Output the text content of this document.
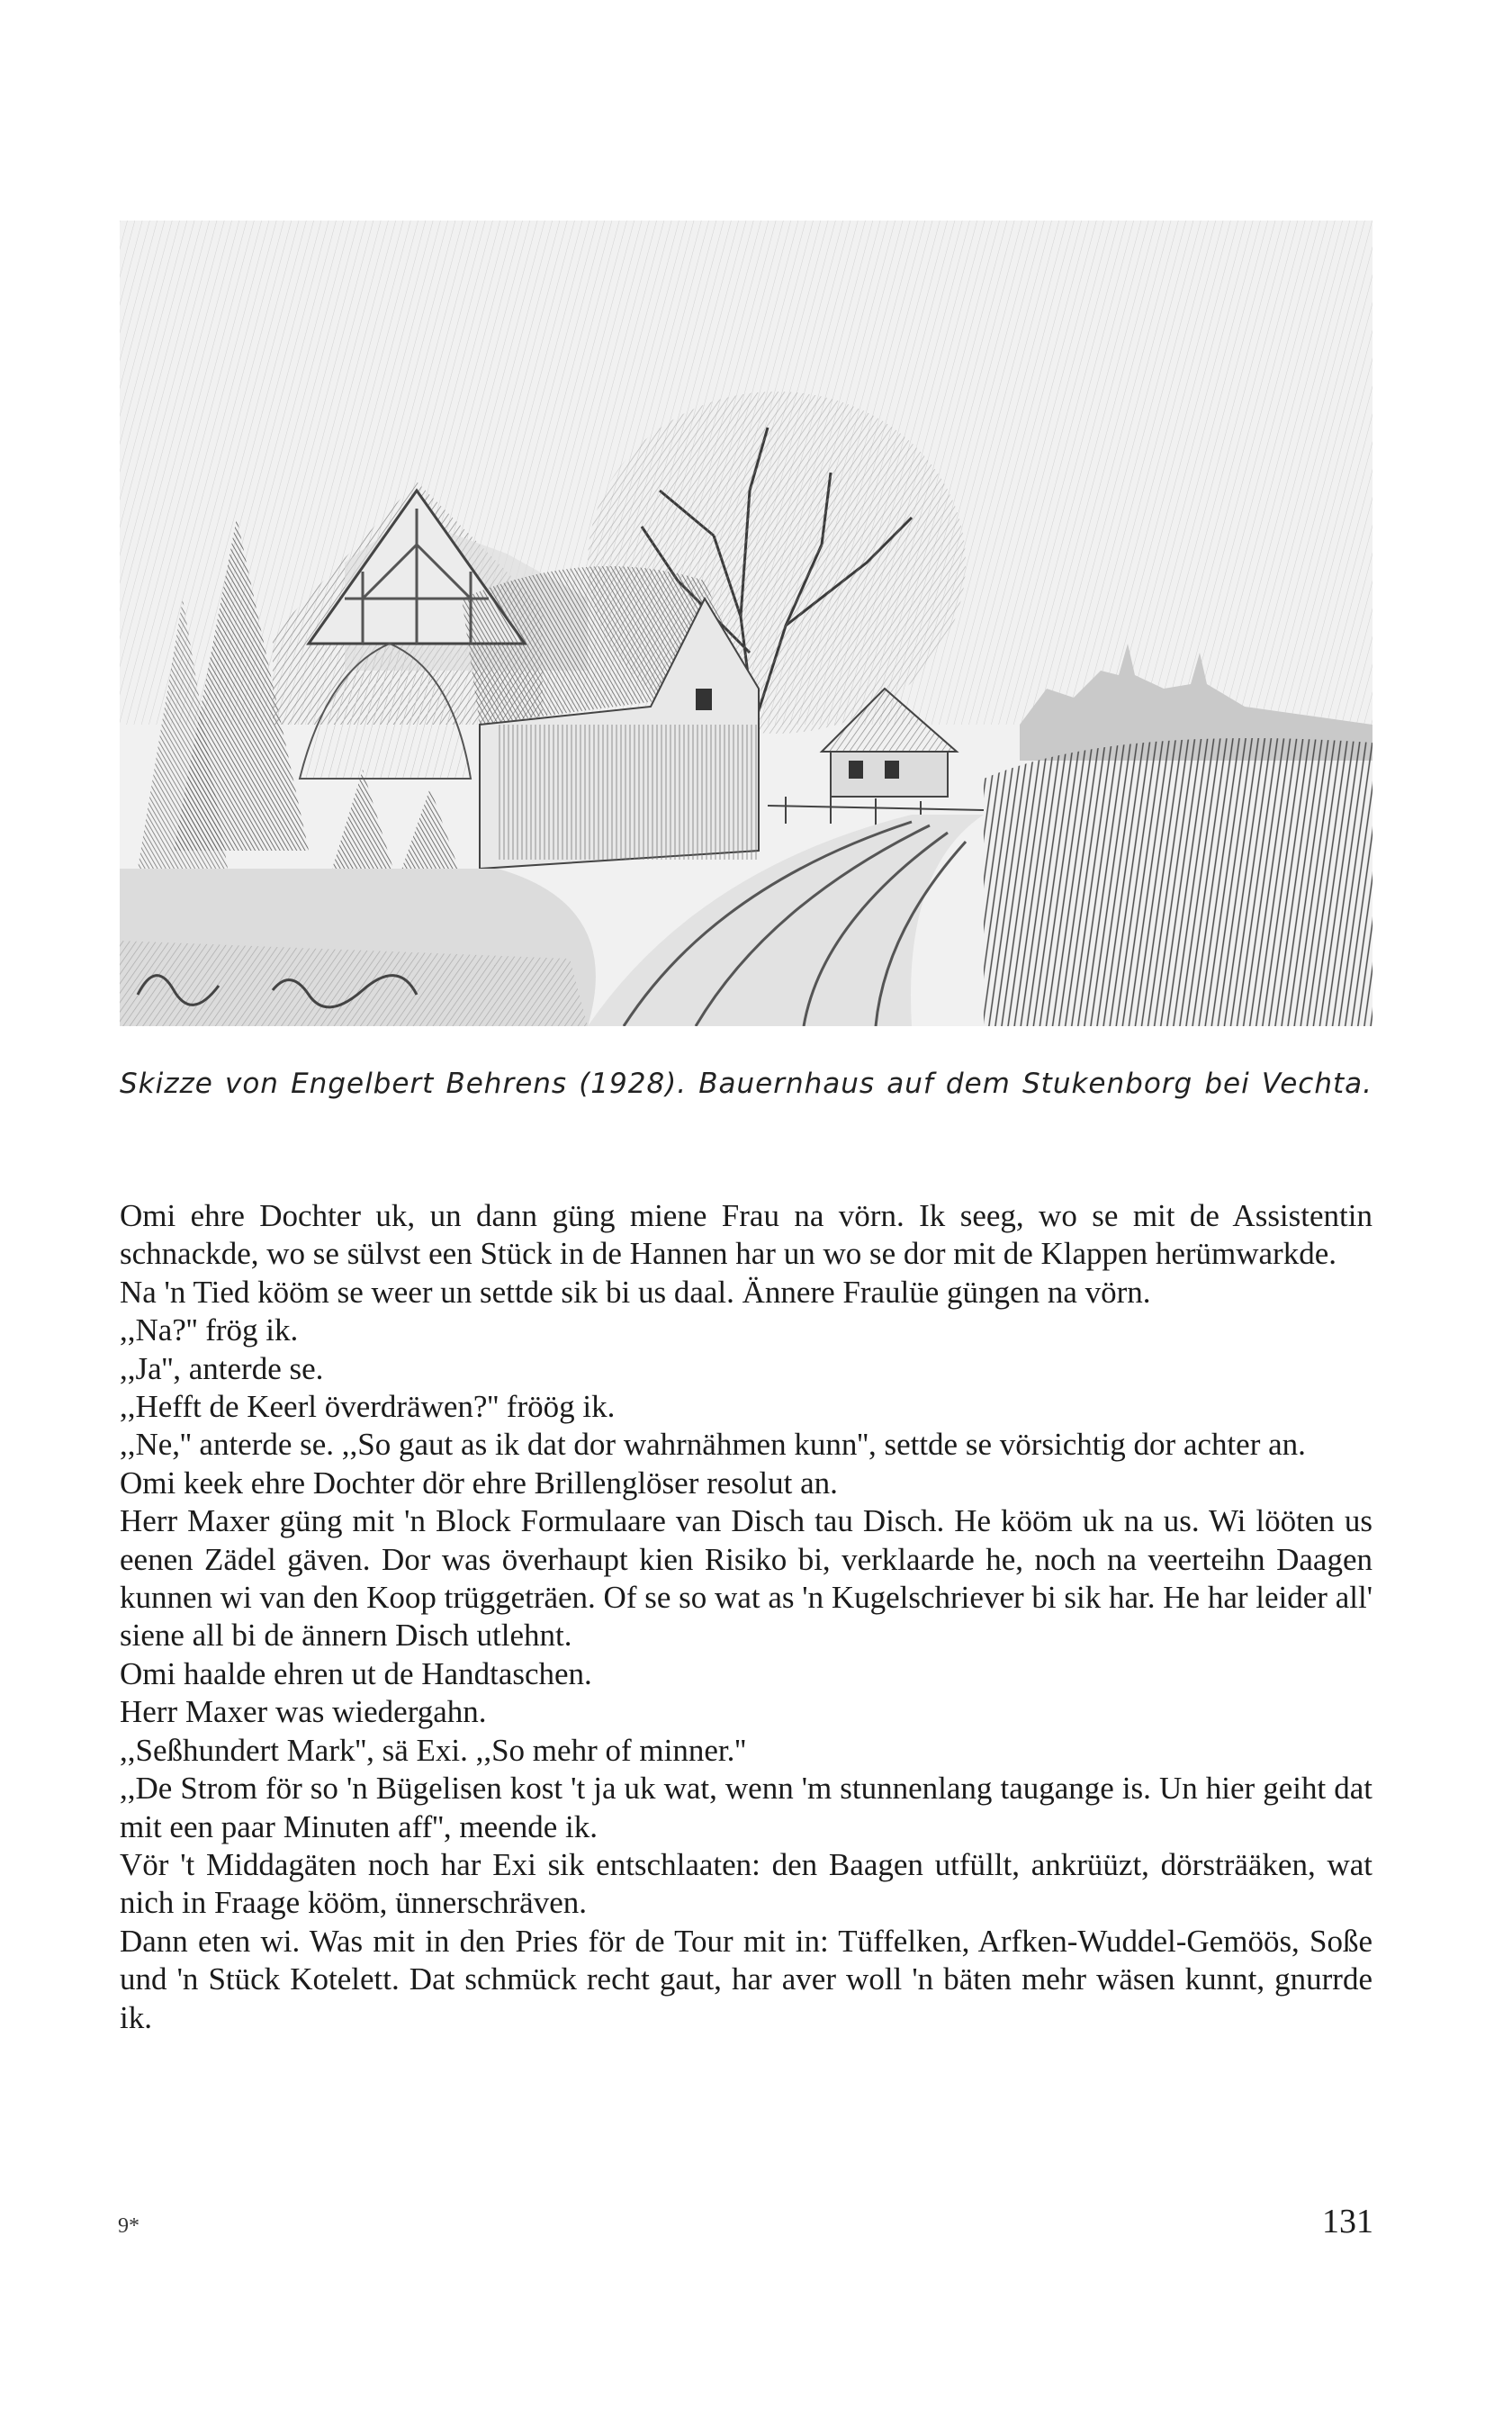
Skizze von Engelbert Behrens (1928). Bauernhaus auf dem Stukenborg bei Vechta.

Omi ehre Dochter uk, un dann güng miene Frau na vörn. Ik seeg, wo se mit de Assistentin schnackde, wo se sülvst een Stück in de Hannen har un wo se dor mit de Klappen herümwarkde.

Na 'n Tied kööm se weer un settde sik bi us daal. Ännere Fraulüe güngen na vörn.

,,Na?'' frög ik.

,,Ja'', anterde se.

,,Hefft de Keerl överdräwen?'' fröög ik.

,,Ne,'' anterde se. ,,So gaut as ik dat dor wahrnähmen kunn'', settde se vörsichtig dor achter an.

Omi keek ehre Dochter dör ehre Brillenglöser resolut an.

Herr Maxer güng mit 'n Block Formulaare van Disch tau Disch. He kööm uk na us. Wi lööten us eenen Zädel gäven. Dor was överhaupt kien Risiko bi, verklaarde he, noch na veerteihn Daagen kunnen wi van den Koop trüggeträen. Of se so wat as 'n Kugelschriever bi sik har. He har leider all' siene all bi de ännern Disch utlehnt.

Omi haalde ehren ut de Handtaschen.

Herr Maxer was wiedergahn.

,,Seßhundert Mark'', sä Exi. ,,So mehr of minner.''

,,De Strom för so 'n Bügelisen kost 't ja uk wat, wenn 'm stunnenlang taugange is. Un hier geiht dat mit een paar Minuten aff'', meende ik.

Vör 't Middagäten noch har Exi sik entschlaaten: den Baagen utfüllt, ankrüüzt, dörsträäken, wat nich in Fraage kööm, ünnerschräven.

Dann eten wi. Was mit in den Pries för de Tour mit in: Tüffelken, Arfken-Wuddel-Gemöös, Soße und 'n Stück Kotelett. Dat schmück recht gaut, har aver woll 'n bäten mehr wäsen kunnt, gnurrde ik.

9*	131
